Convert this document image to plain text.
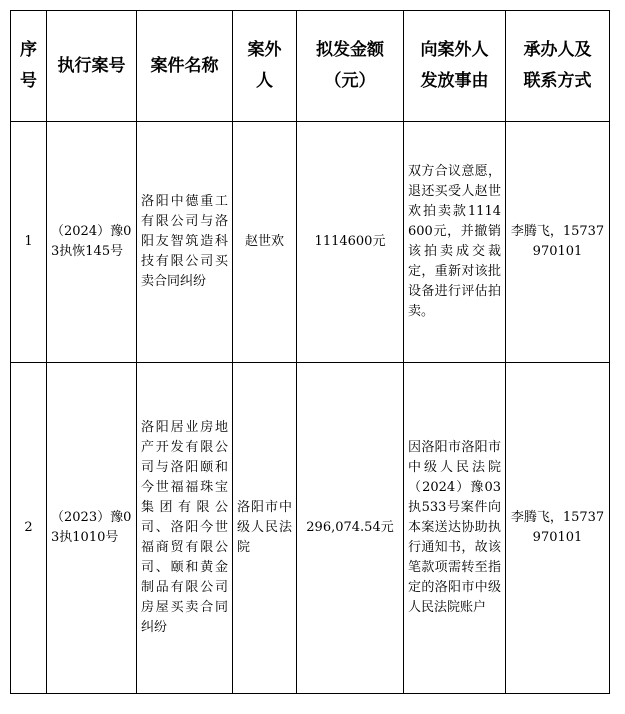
序号	执行案号	案件名称	案外人	拟发金额（元）	向案外人发放事由	承办人及联系方式
1	（2024）豫03执恢145号	洛阳中德重工有限公司与洛阳友智筑造科技有限公司买卖合同纠纷	赵世欢	1114600元	双方合议意愿，退还买受人赵世欢拍卖款1114600元，并撤销该拍卖成交裁定，重新对该批设备进行评估拍卖。	李腾飞，15737970101
2	（2023）豫03执1010号	洛阳居业房地产开发有限公司与洛阳颐和今世福福珠宝集团有限公司、洛阳今世福商贸有限公司、颐和黄金制品有限公司房屋买卖合同纠纷	洛阳市中级人民法院	296,074.54元	因洛阳市洛阳市中级人民法院（2024）豫03执533号案件向本案送达协助执行通知书，故该笔款项需转至指定的洛阳市中级人民法院账户	李腾飞，15737970101
